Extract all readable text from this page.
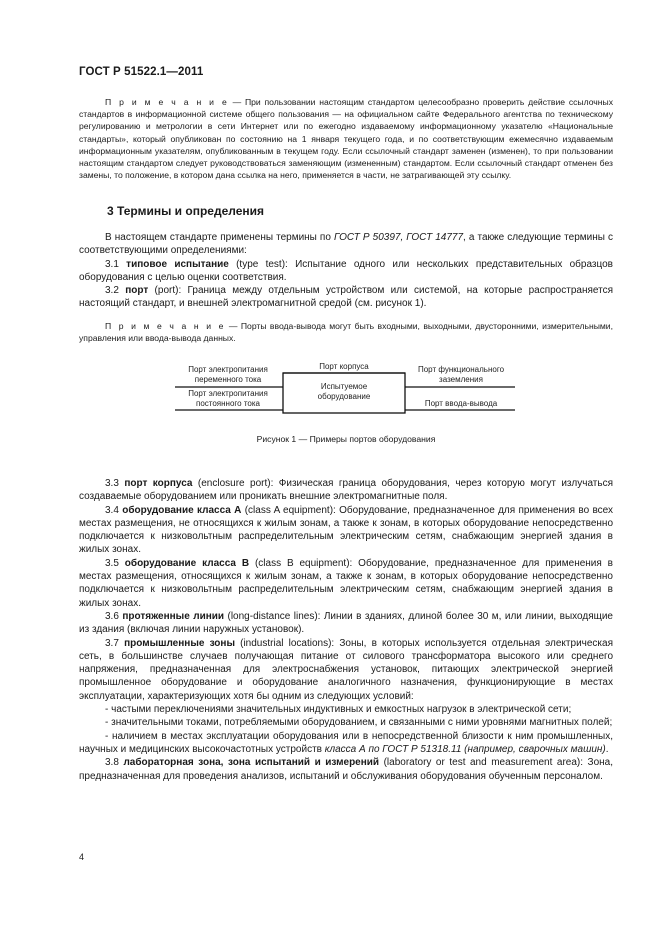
ГОСТ Р 51522.1—2011

П р и м е ч а н и е — При пользовании настоящим стандартом целесообразно проверить действие ссылочных стандартов в информационной системе общего пользования — на официальном сайте Федерального агентства по техническому регулированию и метрологии в сети Интернет или по ежегодно издаваемому информационному указателю «Национальные стандарты», который опубликован по состоянию на 1 января текущего года, и по соответствующим ежемесячно издаваемым информационным указателям, опубликованным в текущем году. Если ссылочный стандарт заменен (изменен), то при пользовании настоящим стандартом следует руководствоваться заменяющим (измененным) стандартом. Если ссылочный стандарт отменен без замены, то положение, в котором дана ссылка на него, применяется в части, не затрагивающей эту ссылку.

3 Термины и определения

В настоящем стандарте применены термины по ГОСТ Р 50397, ГОСТ 14777, а также следующие термины с соответствующими определениями:

3.1 типовое испытание (type test): Испытание одного или нескольких представительных образцов оборудования с целью оценки соответствия.

3.2 порт (port): Граница между отдельным устройством или системой, на которые распространяется настоящий стандарт, и внешней электромагнитной средой (см. рисунок 1).

П р и м е ч а н и е — Порты ввода-вывода могут быть входными, выходными, двусторонними, измерительными, управления или ввода-вывода данных.

Порт электропитания переменного тока
Порт электропитания постоянного тока
Порт корпуса
Испытуемое оборудование
Порт функционального заземления
Порт ввода-вывода
Рисунок 1 — Примеры портов оборудования

3.3 порт корпуса (enclosure port): Физическая граница оборудования, через которую могут излучаться создаваемые оборудованием или проникать внешние электромагнитные поля.

3.4 оборудование класса А (class A equipment): Оборудование, предназначенное для применения во всех местах размещения, не относящихся к жилым зонам, а также к зонам, в которых оборудование непосредственно подключается к низковольтным распределительным электрическим сетям, снабжающим энергией здания в жилых зонах.

3.5 оборудование класса В (class B equipment): Оборудование, предназначенное для применения в местах размещения, относящихся к жилым зонам, а также к зонам, в которых оборудование непосредственно подключается к низковольтным распределительным электрическим сетям, снабжающим энергией здания в жилых зонах.

3.6 протяженные линии (long-distance lines): Линии в зданиях, длиной более 30 м, или линии, выходящие из здания (включая линии наружных установок).

3.7 промышленные зоны (industrial locations): Зоны, в которых используется отдельная электрическая сеть, в большинстве случаев получающая питание от силового трансформатора высокого или среднего напряжения, предназначенная для электроснабжения установок, питающих электрической энергией промышленное оборудование и оборудование аналогичного назначения, функционирующие в местах эксплуатации, характеризующих хотя бы одним из следующих условий:

- частыми переключениями значительных индуктивных и емкостных нагрузок в электрической сети;

- значительными токами, потребляемыми оборудованием, и связанными с ними уровнями магнитных полей;

- наличием в местах эксплуатации оборудования или в непосредственной близости к ним промышленных, научных и медицинских высокочастотных устройств класса А по ГОСТ Р 51318.11 (например, сварочных машин).

3.8 лабораторная зона, зона испытаний и измерений (laboratory or test and measurement area): Зона, предназначенная для проведения анализов, испытаний и обслуживания оборудования обученным персоналом.

4
